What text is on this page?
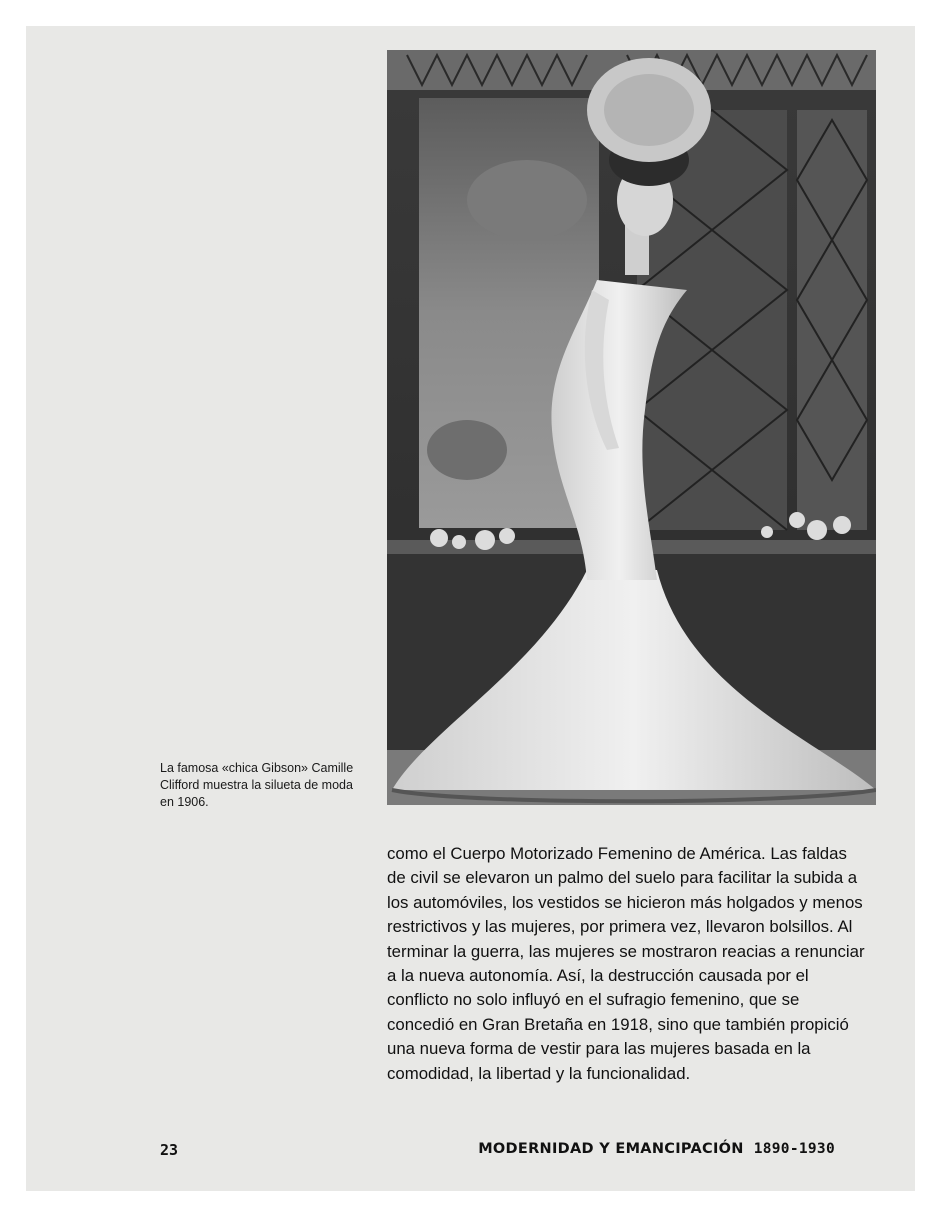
La famosa «chica Gibson» Camille Clifford muestra la silueta de moda en 1906.
como el Cuerpo Motorizado Femenino de América. Las faldas de civil se elevaron un palmo del suelo para facilitar la subida a los automóviles, los vestidos se hicieron más holgados y menos restrictivos y las mujeres, por primera vez, llevaron bolsillos. Al terminar la guerra, las mujeres se mostraron reacias a renunciar a la nueva autonomía. Así, la destrucción causada por el conflicto no solo influyó en el sufragio femenino, que se concedió en Gran Bretaña en 1918, sino que también propició una nueva forma de vestir para las mujeres basada en la comodidad, la libertad y la funcionalidad.
23	MODERNIDAD Y EMANCIPACIÓN 1890-1930
